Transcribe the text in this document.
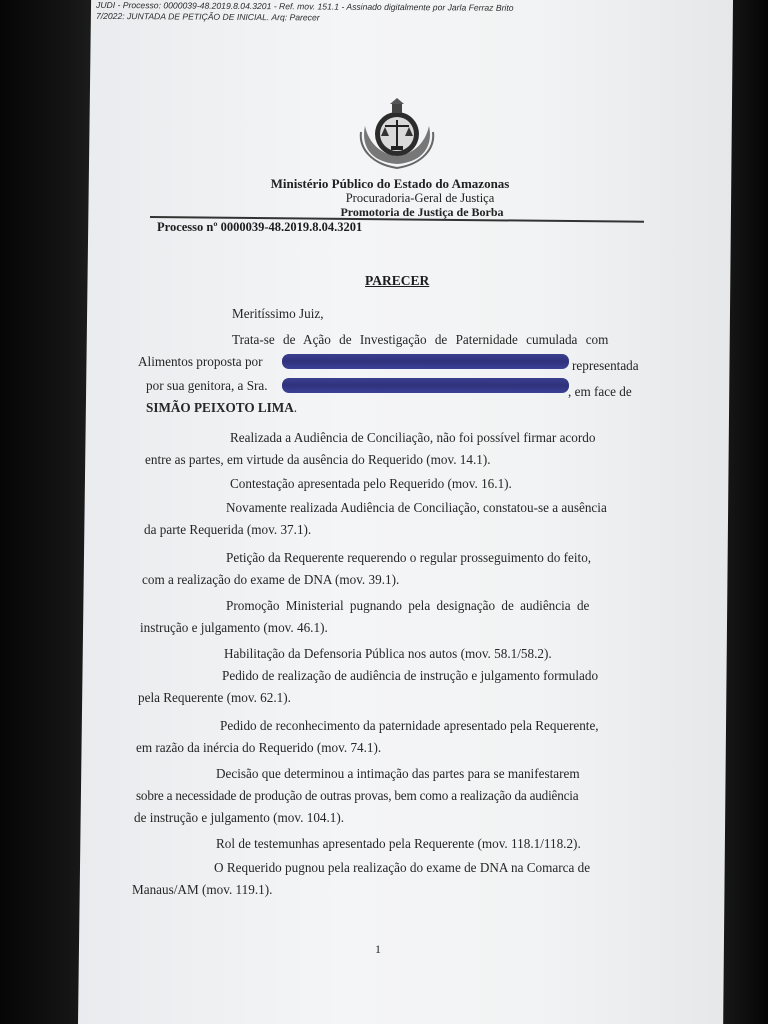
JUDI - Processo: 0000039-48.2019.8.04.3201 - Ref. mov. 151.1 - Assinado digitalmente por Jarla Ferraz Brito
7/2022: JUNTADA DE PETIÇÃO DE INICIAL. Arq: Parecer
Ministério Público do Estado do Amazonas
Procuradoria-Geral de Justiça
Promotoria de Justiça de Borba
Processo nº 0000039-48.2019.8.04.3201
PARECER
Meritíssimo Juiz,
Trata-se de Ação de Investigação de Paternidade cumulada com
Alimentos proposta por	representada
por sua genitora, a Sra.	, em face de
SIMÃO PEIXOTO LIMA.
Realizada a Audiência de Conciliação, não foi possível firmar acordo
entre as partes, em virtude da ausência do Requerido (mov. 14.1).
Contestação apresentada pelo Requerido (mov. 16.1).
Novamente realizada Audiência de Conciliação, constatou-se a ausência
da parte Requerida (mov. 37.1).
Petição da Requerente requerendo o regular prosseguimento do feito,
com a realização do exame de DNA (mov. 39.1).
Promoção Ministerial pugnando pela designação de audiência de
instrução e julgamento (mov. 46.1).
Habilitação da Defensoria Pública nos autos (mov. 58.1/58.2).
Pedido de realização de audiência de instrução e julgamento formulado
pela Requerente (mov. 62.1).
Pedido de reconhecimento da paternidade apresentado pela Requerente,
em razão da inércia do Requerido (mov. 74.1).
Decisão que determinou a intimação das partes para se manifestarem
sobre a necessidade de produção de outras provas, bem como a realização da audiência
de instrução e julgamento (mov. 104.1).
Rol de testemunhas apresentado pela Requerente (mov. 118.1/118.2).
O Requerido pugnou pela realização do exame de DNA na Comarca de
Manaus/AM (mov. 119.1).
1
